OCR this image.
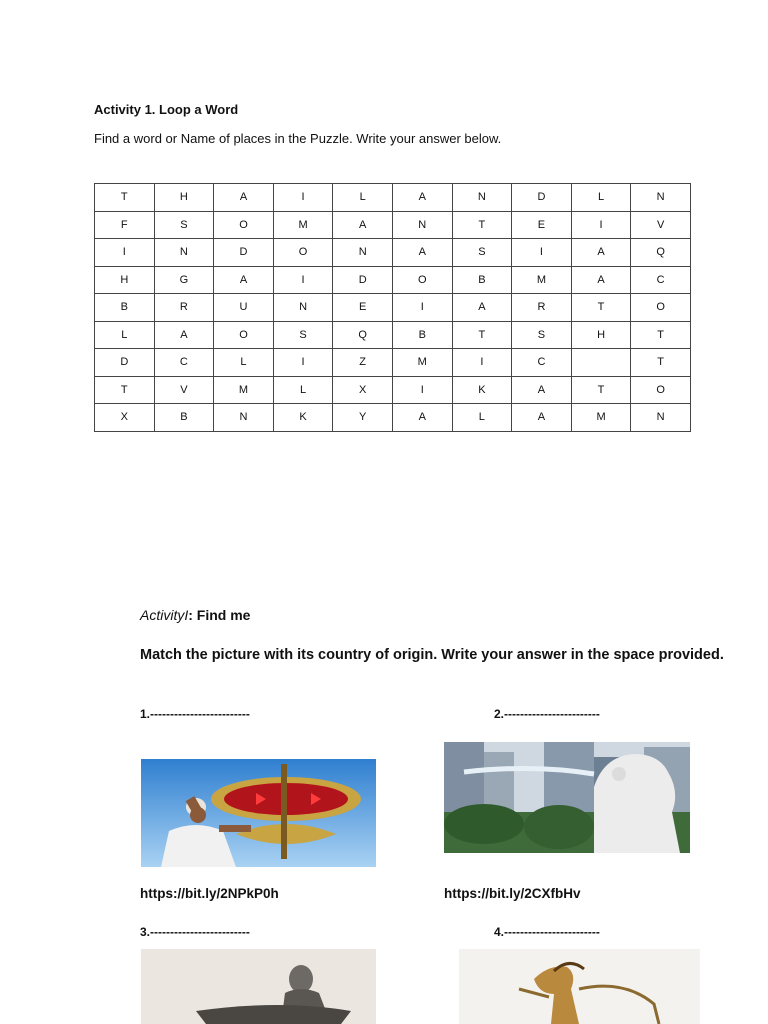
Activity 1. Loop a Word
Find a word or Name of places in the Puzzle. Write your answer below.
T	H	A	I	L	A	N	D	L	N
F	S	O	M	A	N	T	E	I	V
I	N	D	O	N	A	S	I	A	Q
H	G	A	I	D	O	B	M	A	C
B	R	U	N	E	I	A	R	T	O
L	A	O	S	Q	B	T	S	H	T
D	C	L	I	Z	M	I	C		T
T	V	M	L	X	I	K	A	T	O
X	B	N	K	Y	A	L	A	M	N
ActivityI: Find me
Match the picture with its country of origin. Write your answer in the space provided.
1.-------------------------
https://bit.ly/2NPkP0h
2.------------------------
https://bit.ly/2CXfbHv
3.-------------------------	4.------------------------
